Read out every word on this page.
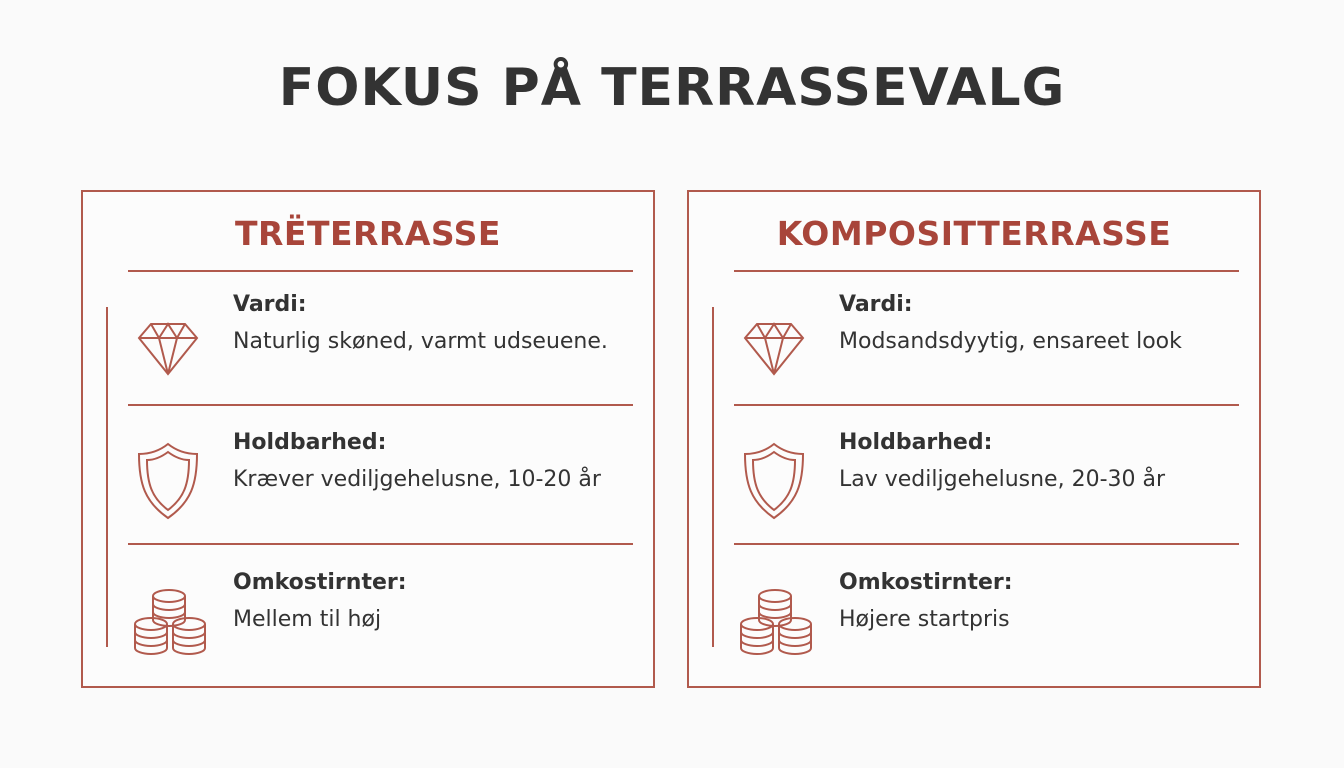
FOKUS PÅ TERRASSEVALG
TRËTERRASSE
Vardi:
Naturlig skøned, varmt udseuene.
Holdbarhed:
Kræver vediljgehelusne, 10-20 år
Omkostirnter:
Mellem til høj
KOMPOSITTERRASSE
Vardi:
Modsandsdyytig, ensareet look
Holdbarhed:
Lav vediljgehelusne, 20-30 år
Omkostirnter:
Højere startpris
